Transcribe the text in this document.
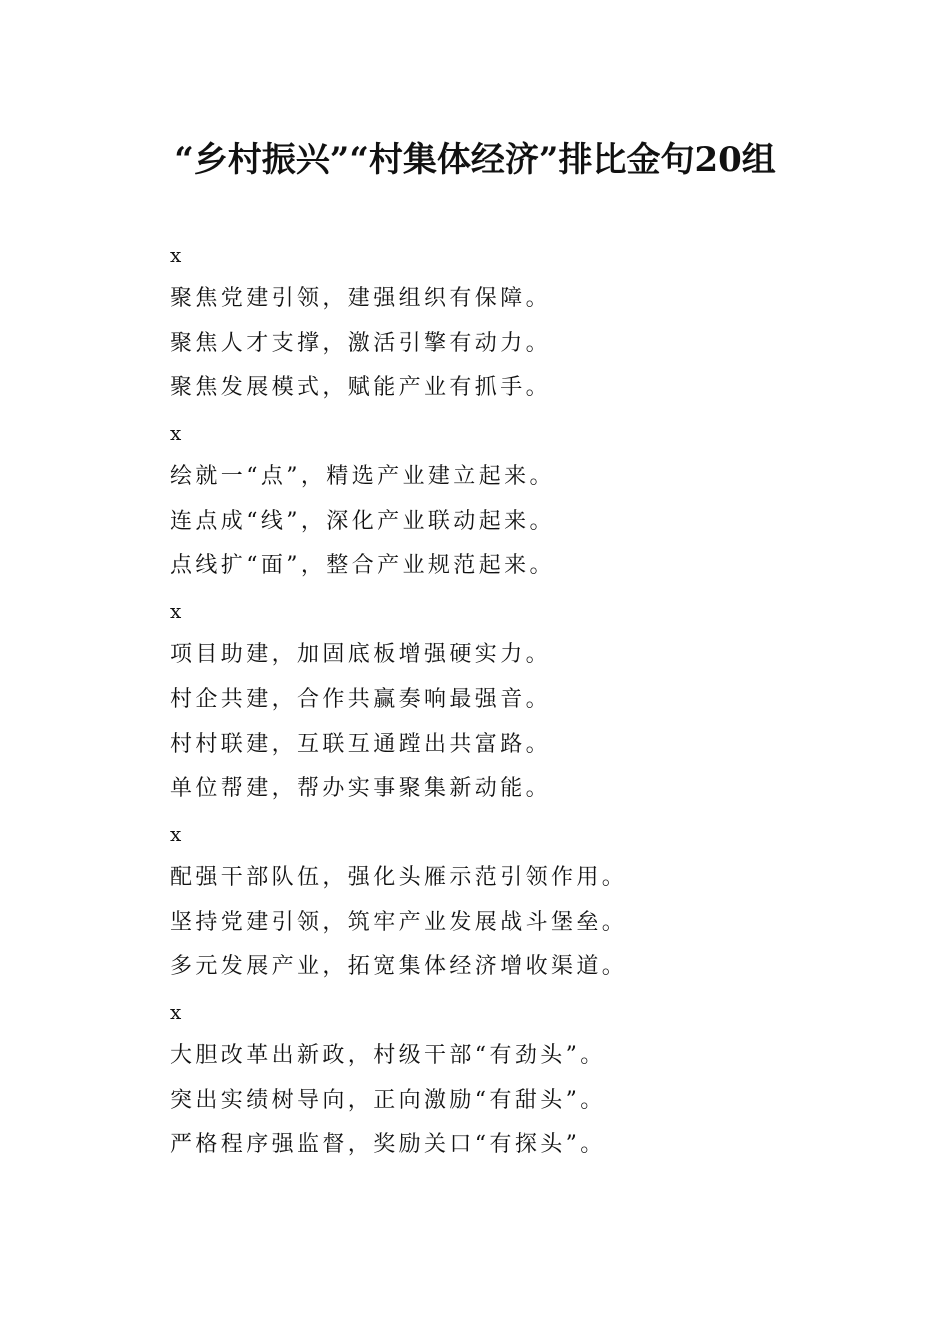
“乡村振兴”“村集体经济”排比金句20组
x
聚焦党建引领，建强组织有保障。
聚焦人才支撑，激活引擎有动力。
聚焦发展模式，赋能产业有抓手。
x
绘就一“点”，精选产业建立起来。
连点成“线”，深化产业联动起来。
点线扩“面”，整合产业规范起来。
x
项目助建，加固底板增强硬实力。
村企共建，合作共赢奏响最强音。
村村联建，互联互通蹚出共富路。
单位帮建，帮办实事聚集新动能。
x
配强干部队伍，强化头雁示范引领作用。
坚持党建引领，筑牢产业发展战斗堡垒。
多元发展产业，拓宽集体经济增收渠道。
x
大胆改革出新政，村级干部“有劲头”。
突出实绩树导向，正向激励“有甜头”。
严格程序强监督，奖励关口“有探头”。
